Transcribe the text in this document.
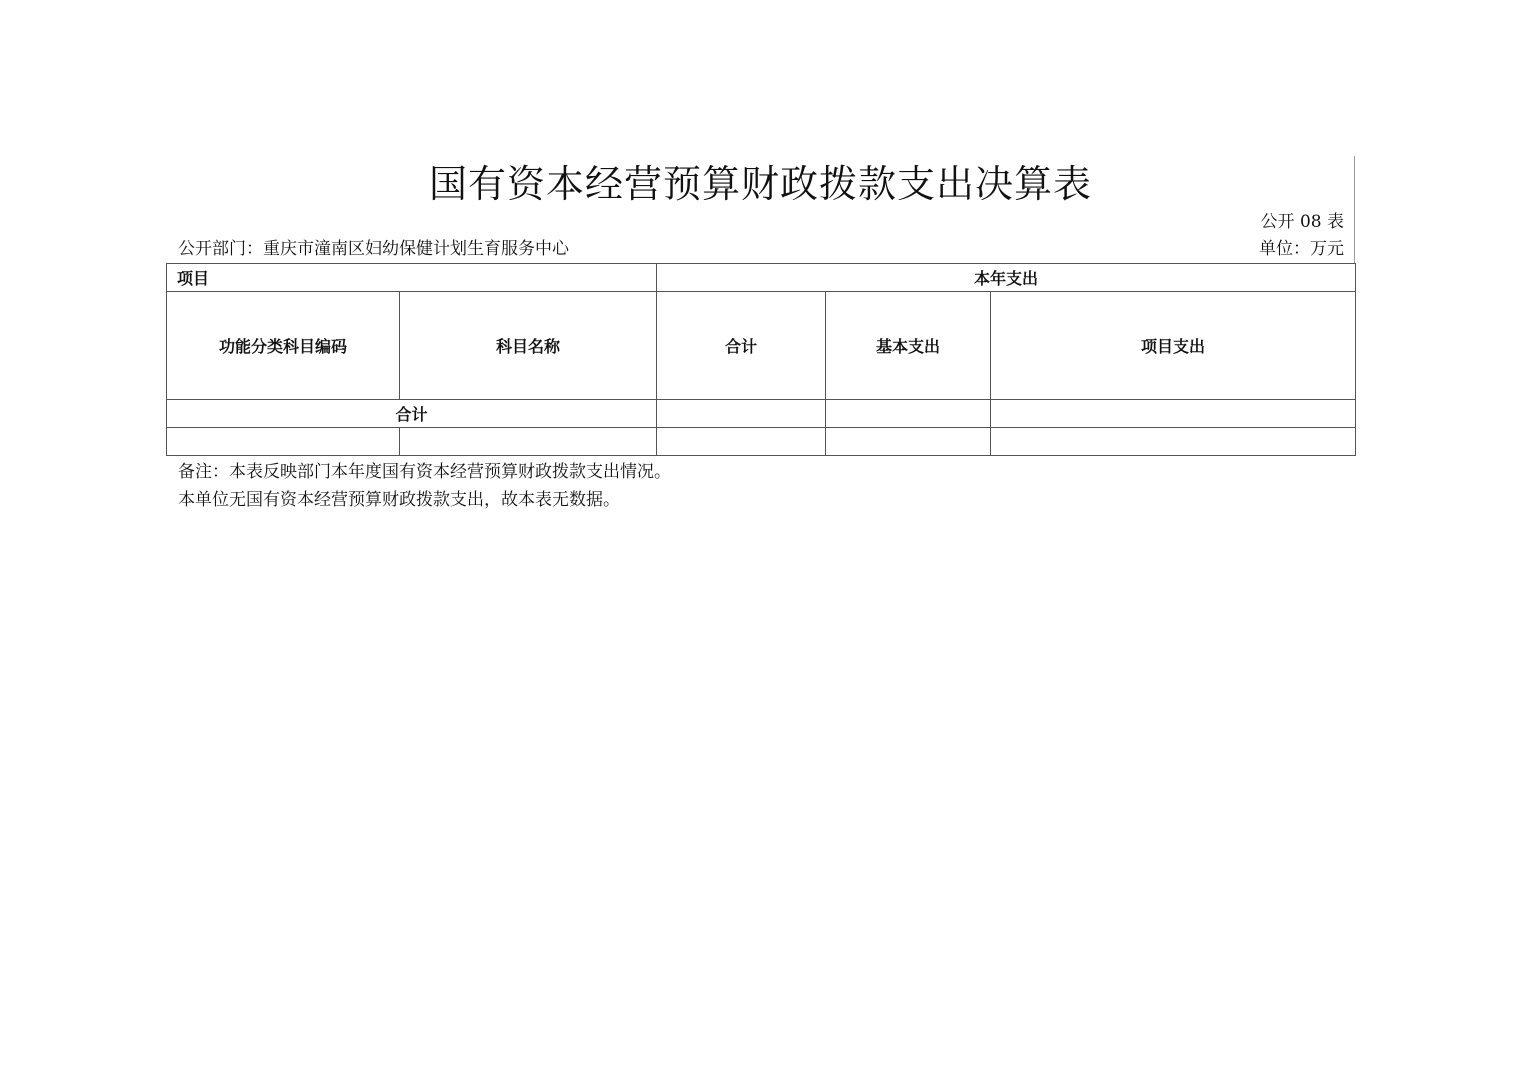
国有资本经营预算财政拨款支出决算表
公开 08 表
公开部门：重庆市潼南区妇幼保健计划生育服务中心	单位：万元
项目		本年支出		
功能分类科目编码	科目名称	合计	基本支出	项目支出
合计				

备注：本表反映部门本年度国有资本经营预算财政拨款支出情况。
本单位无国有资本经营预算财政拨款支出，故本表无数据。
